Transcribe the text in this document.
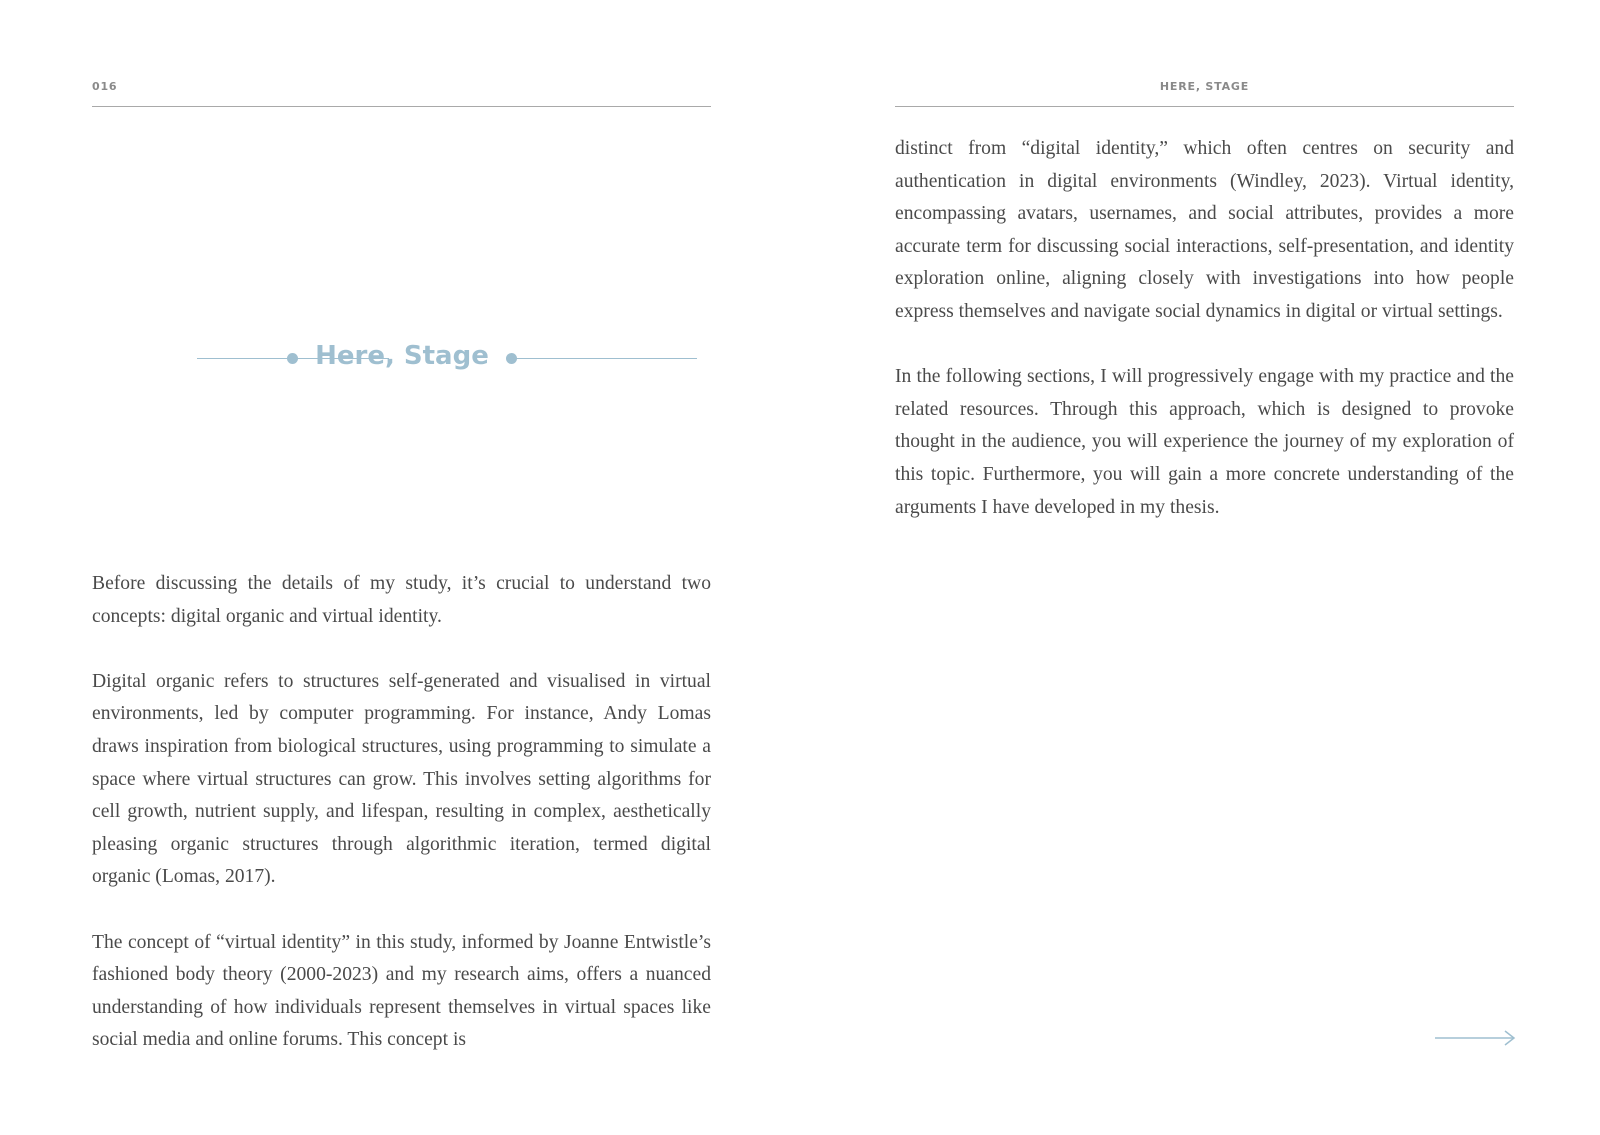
016
Here, Stage

Before discussing the details of my study, it’s crucial to understand two concepts: digital organic and virtual identity.

Digital organic refers to structures self-generated and visualised in virtual environments, led by computer programming. For instance, Andy Lomas draws inspiration from biological structures, using programming to simulate a space where virtual structures can grow. This involves setting algorithms for cell growth, nutrient supply, and lifespan, resulting in complex, aesthetically pleasing organic structures through algorithmic iteration, termed digital organic (Lomas, 2017).

The concept of “virtual identity” in this study, informed by Joanne Entwistle’s fashioned body theory (2000-2023) and my research aims, offers a nuanced understanding of how individuals represent themselves in virtual spaces like social media and online forums. This concept is

HERE, STAGE

distinct from “digital identity,” which often centres on security and authentication in digital environments (Windley, 2023). Virtual identity, encompassing avatars, usernames, and social attributes, provides a more accurate term for discussing social interactions, self-presentation, and identity exploration online, aligning closely with investigations into how people express themselves and navigate social dynamics in digital or virtual settings.

In the following sections, I will progressively engage with my practice and the related resources. Through this approach, which is designed to provoke thought in the audience, you will experience the journey of my exploration of this topic. Furthermore, you will gain a more concrete understanding of the arguments I have developed in my thesis.
